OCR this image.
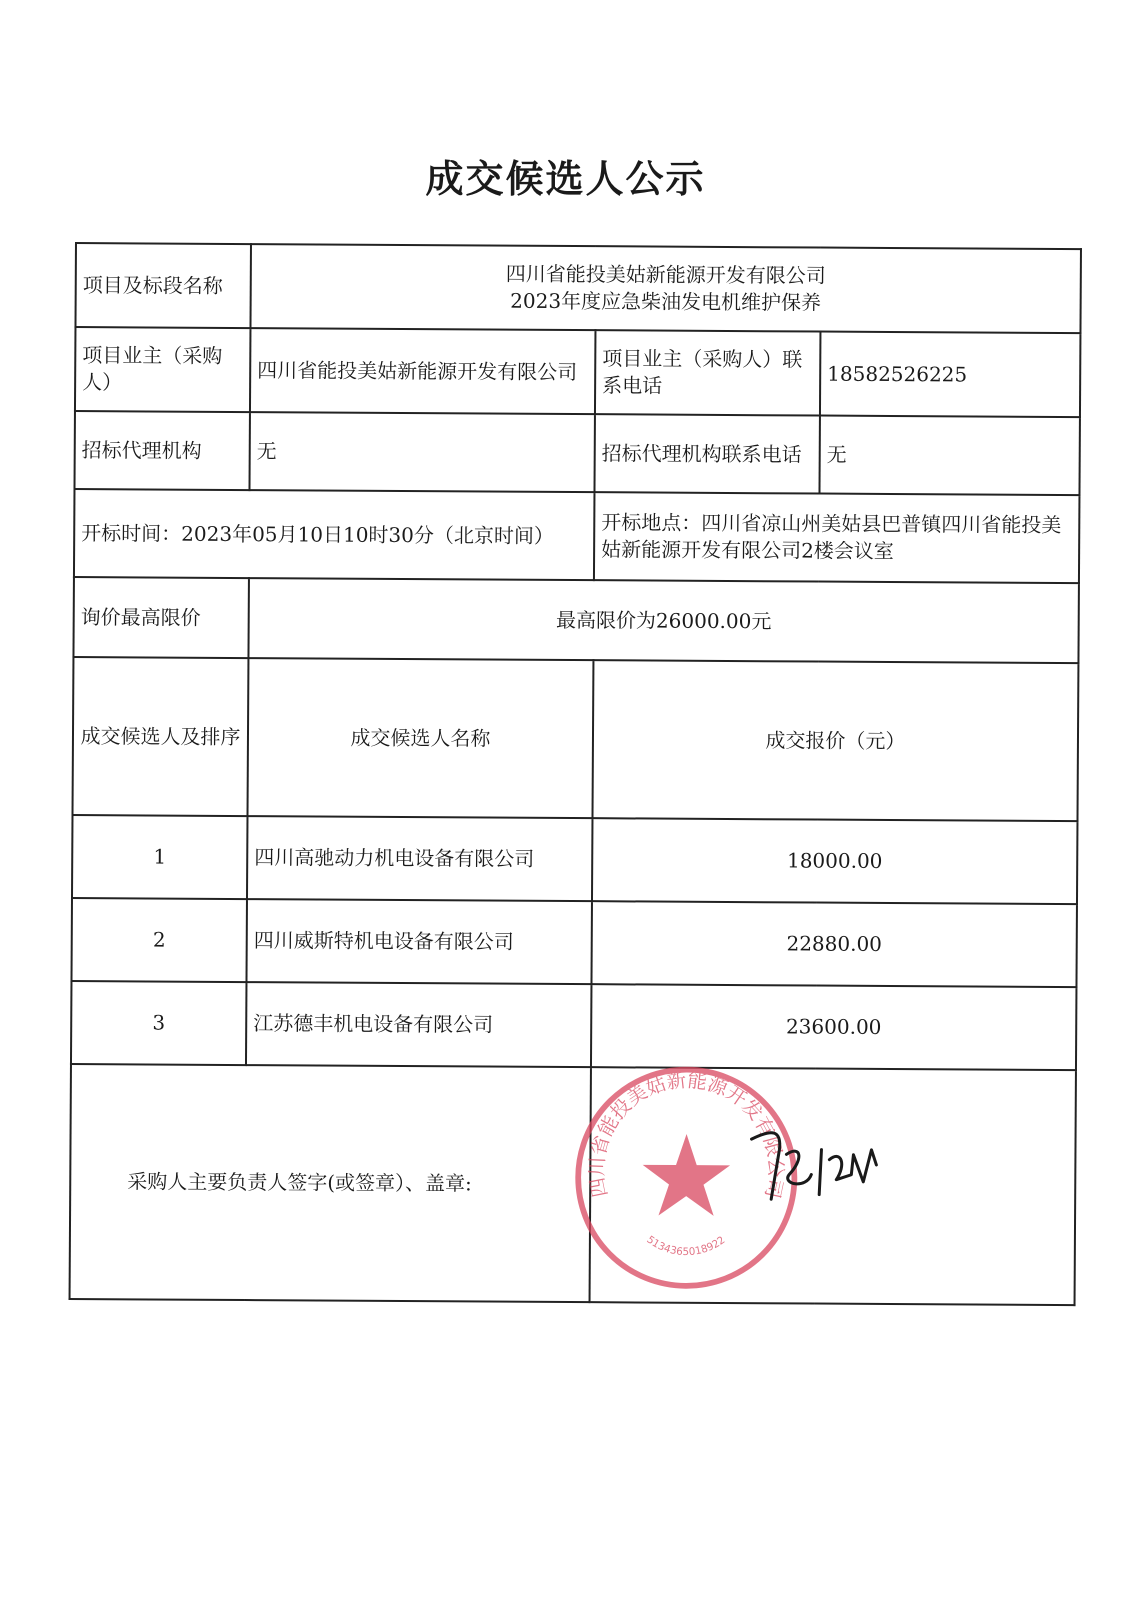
成交候选人公示
项目及标段名称	四川省能投美姑新能源开发有限公司
2023年度应急柴油发电机维护保养		

项目业主（采购人）	四川省能投美姑新能源开发有限公司	项目业主（采购人）联系电话	18582526225
招标代理机构	无	招标代理机构联系电话	无
开标时间：2023年05月10日10时30分（北京时间）		开标地点：四川省凉山州美姑县巴普镇四川省能投美姑新能源开发有限公司2楼会议室	
询价最高限价	最高限价为26000.00元		
成交候选人及排序	成交候选人名称	成交报价（元）	
1	四川高驰动力机电设备有限公司	18000.00	
2	四川威斯特机电设备有限公司	22880.00	
3	江苏德丰机电设备有限公司	23600.00	
采购人主要负责人签字(或签章）、盖章:		四川省能投美姑新能源开发有限公司
5134365018922	
